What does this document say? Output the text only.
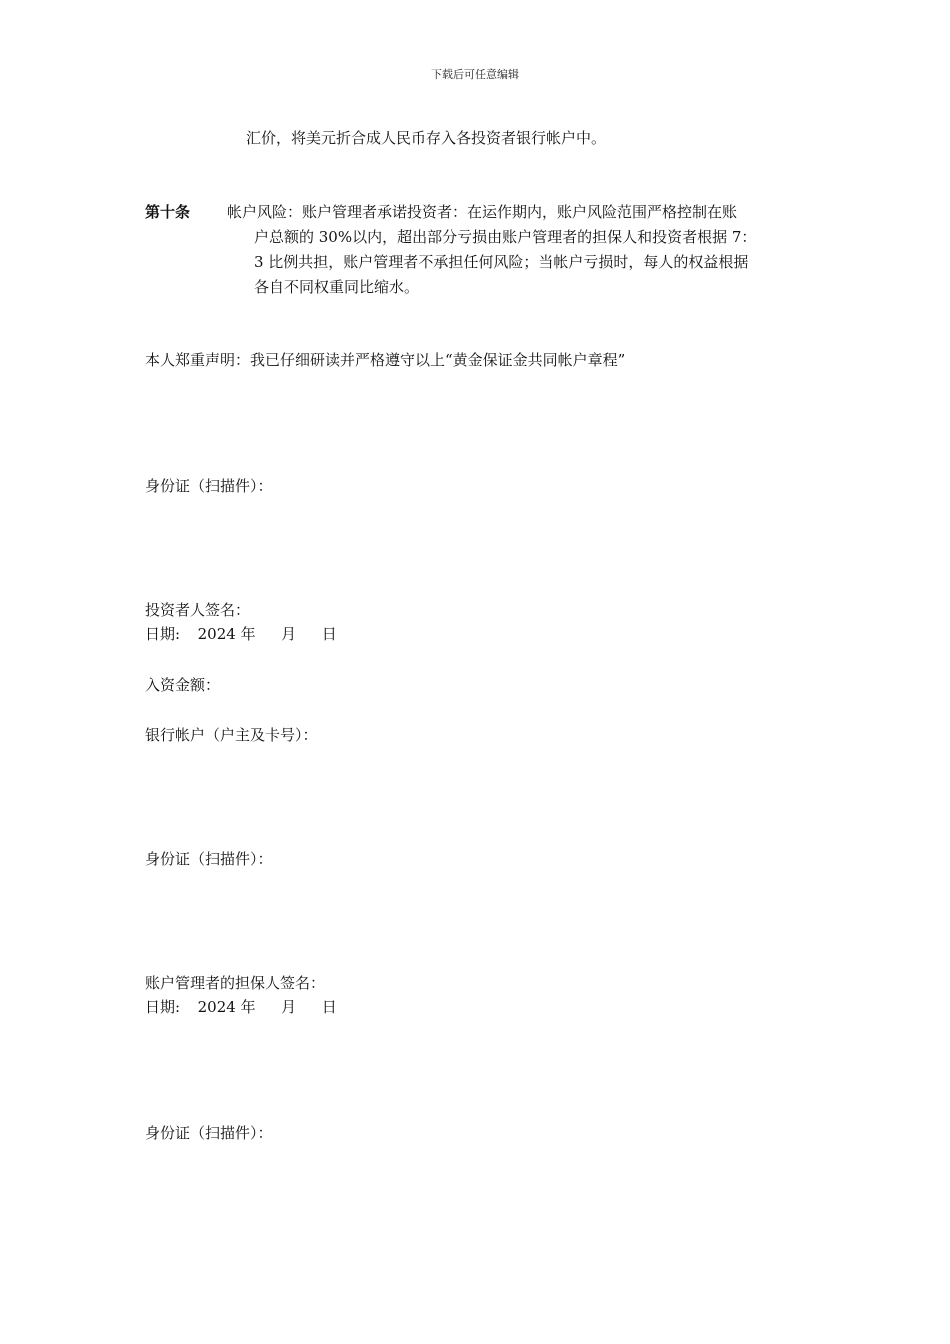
下载后可任意编辑
汇价，将美元折合成人民币存入各投资者银行帐户中。
第十条 帐户风险：账户管理者承诺投资者：在运作期内，账户风险范围严格控制在账
户总额的 30%以内，超出部分亏损由账户管理者的担保人和投资者根据 7：
3 比例共担，账户管理者不承担任何风险；当帐户亏损时，每人的权益根据
各自不同权重同比缩水。
本人郑重声明：我已仔细研读并严格遵守以上“黄金保证金共同帐户章程”
身份证（扫描件）：
投资者人签名：
日期: 2024 年 月 日
入资金额：
银行帐户（户主及卡号）：
身份证（扫描件）：
账户管理者的担保人签名：
日期: 2024 年 月 日
身份证（扫描件）：
